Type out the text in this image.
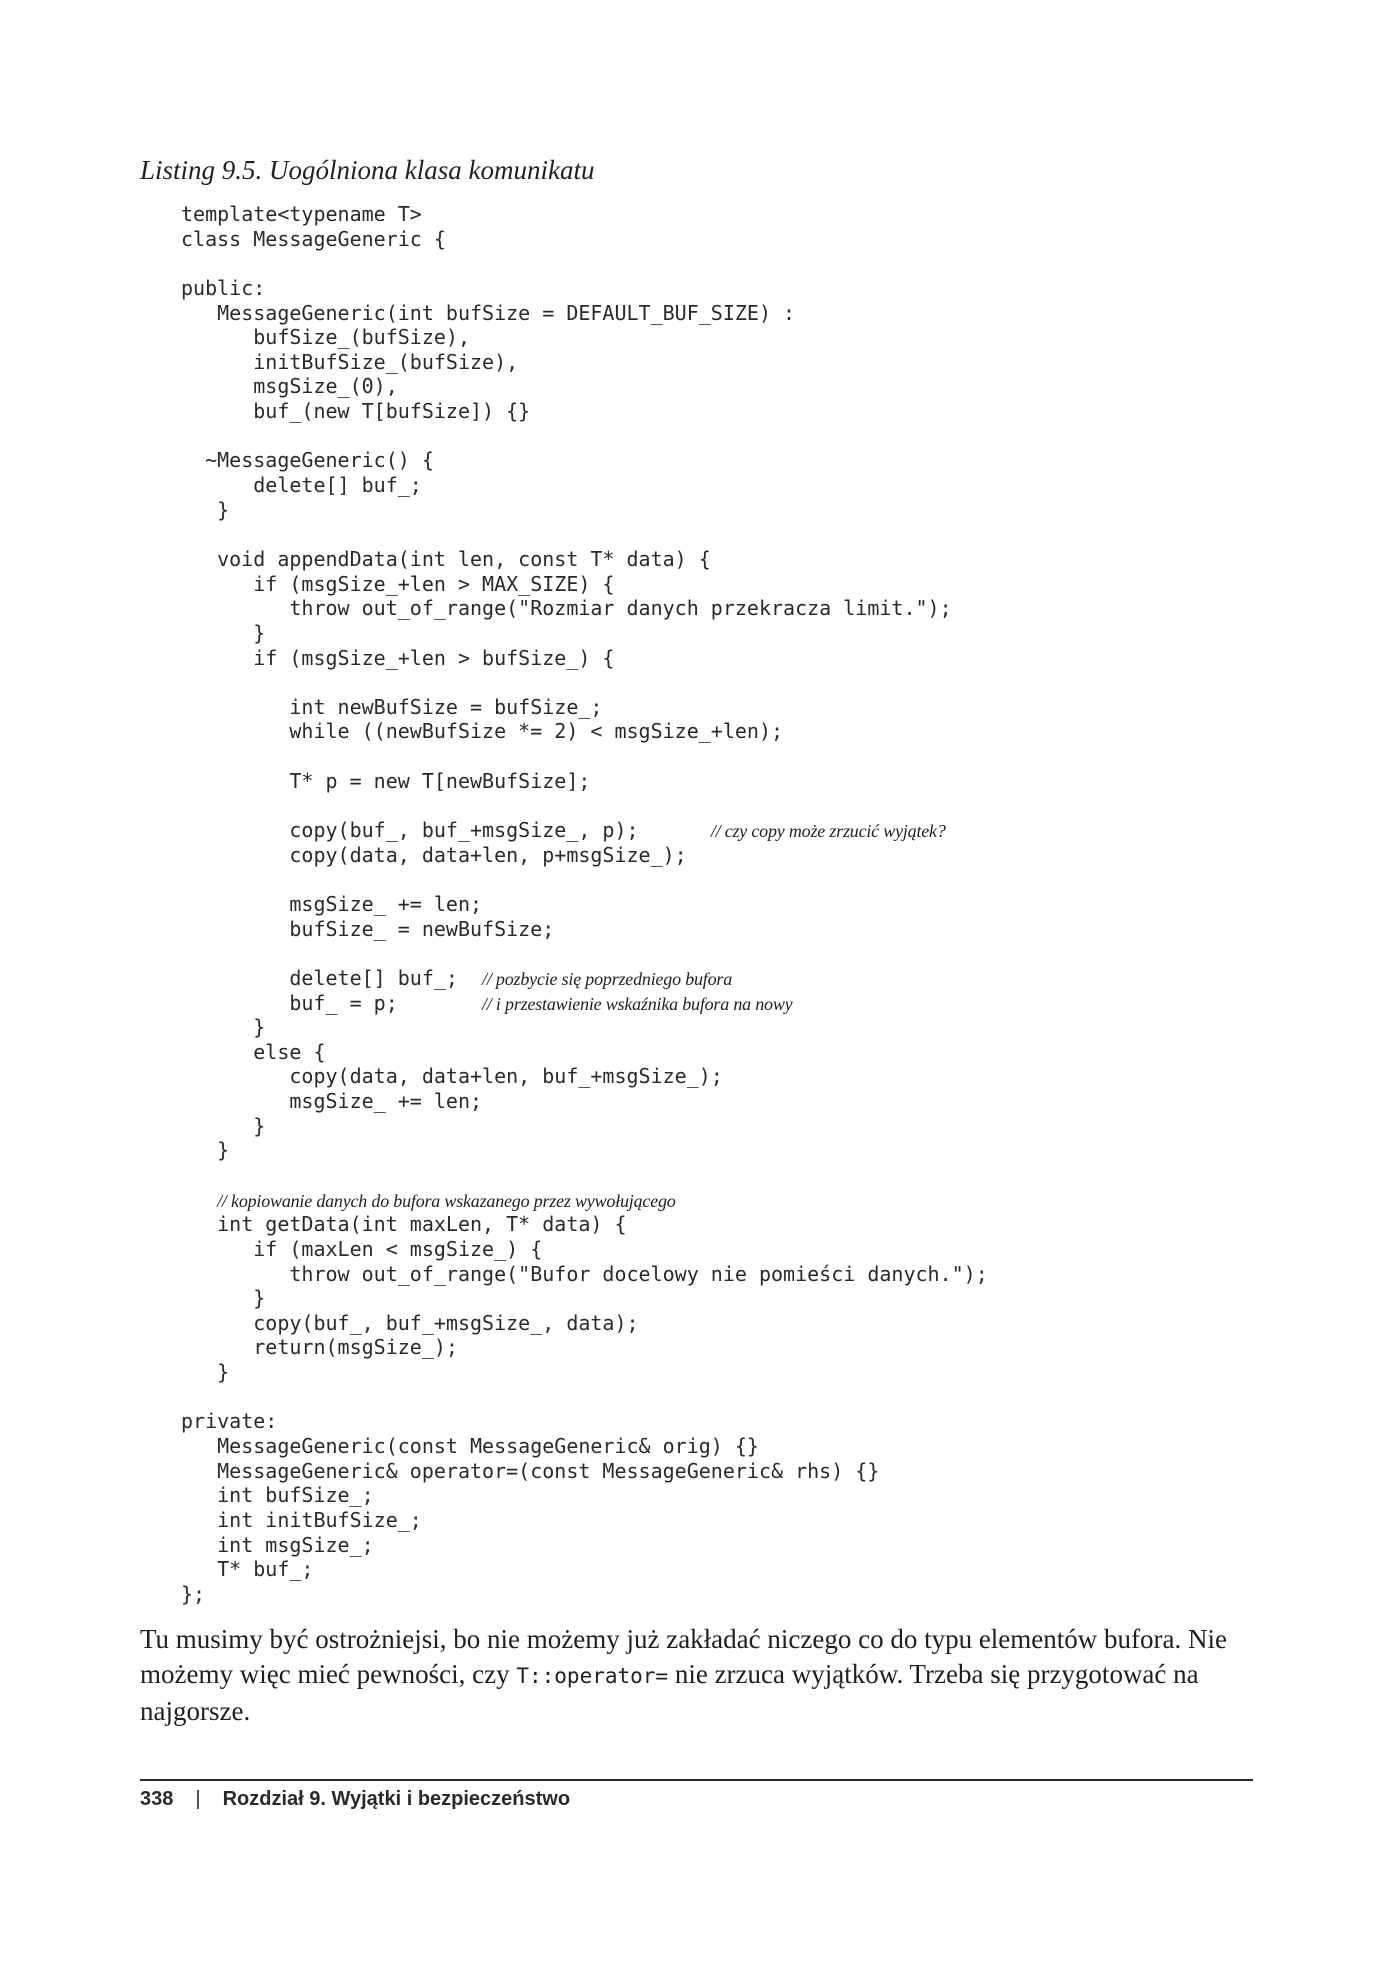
Listing 9.5. Uogólniona klasa komunikatu
template<typename T>
class MessageGeneric {
public:
MessageGeneric(int bufSize = DEFAULT_BUF_SIZE) :
bufSize_(bufSize),
initBufSize_(bufSize),
msgSize_(0),
buf_(new T[bufSize]) {}
~MessageGeneric() {
delete[] buf_;
}
void appendData(int len, const T* data) {
if (msgSize_+len > MAX_SIZE) {
throw out_of_range("Rozmiar danych przekracza limit.");
}
if (msgSize_+len > bufSize_) {
int newBufSize = bufSize_;
while ((newBufSize *= 2) < msgSize_+len);
T* p = new T[newBufSize];
copy(buf_, buf_+msgSize_, p);      // czy copy może zrzucić wyjątek?
copy(data, data+len, p+msgSize_);
msgSize_ += len;
bufSize_ = newBufSize;
delete[] buf_;  // pozbycie się poprzedniego bufora
buf_ = p;       // i przestawienie wskaźnika bufora na nowy
}
else {
copy(data, data+len, buf_+msgSize_);
msgSize_ += len;
}
}
// kopiowanie danych do bufora wskazanego przez wywołującego
int getData(int maxLen, T* data) {
if (maxLen < msgSize_) {
throw out_of_range("Bufor docelowy nie pomieści danych.");
}
copy(buf_, buf_+msgSize_, data);
return(msgSize_);
}
private:
MessageGeneric(const MessageGeneric& orig) {}
MessageGeneric& operator=(const MessageGeneric& rhs) {}
int bufSize_;
int initBufSize_;
int msgSize_;
T* buf_;
};

Tu musimy być ostrożniejsi, bo nie możemy już zakładać niczego co do typu elementów bufora. Nie możemy więc mieć pewności, czy T::operator= nie zrzuca wyjątków. Trzeba się przygotować na najgorsze.

338 | Rozdział 9. Wyjątki i bezpieczeństwo
